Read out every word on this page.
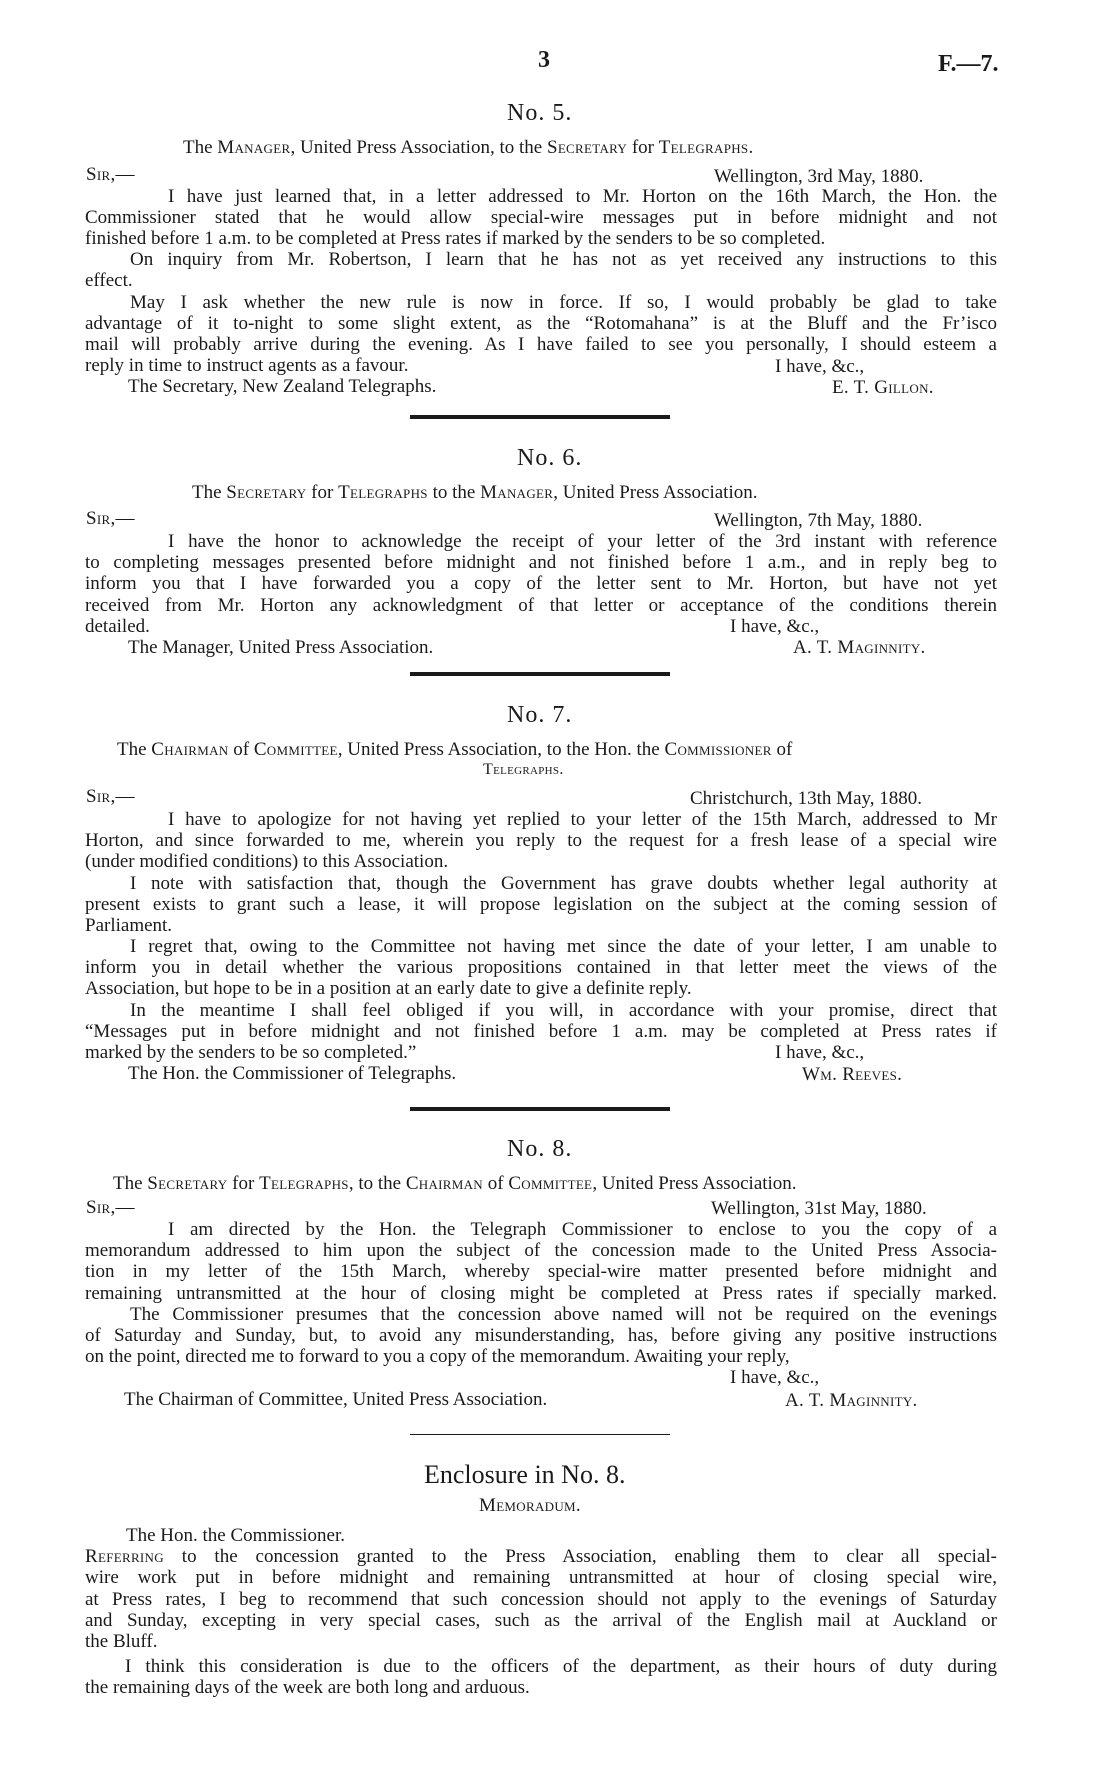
3	F.—7.
No. 5.
The Manager, United Press Association, to the Secretary for Telegraphs.
Sir,—	Wellington, 3rd May, 1880.
I have just learned that, in a letter addressed to Mr. Horton on the 16th March, the Hon. the
Commissioner stated that he would allow special-wire messages put in before midnight and not
finished before 1 a.m. to be completed at Press rates if marked by the senders to be so completed.
On inquiry from Mr. Robertson, I learn that he has not as yet received any instructions to this
effect.
May I ask whether the new rule is now in force. If so, I would probably be glad to take
advantage of it to-night to some slight extent, as the “Rotomahana” is at the Bluff and the Fr’isco
mail will probably arrive during the evening. As I have failed to see you personally, I should esteem a
reply in time to instruct agents as a favour.	I have, &c.,
The Secretary, New Zealand Telegraphs.	E. T. Gillon.
No. 6.
The Secretary for Telegraphs to the Manager, United Press Association.
Sir,—	Wellington, 7th May, 1880.
I have the honor to acknowledge the receipt of your letter of the 3rd instant with reference
to completing messages presented before midnight and not finished before 1 a.m., and in reply beg to
inform you that I have forwarded you a copy of the letter sent to Mr. Horton, but have not yet
received from Mr. Horton any acknowledgment of that letter or acceptance of the conditions therein
detailed.	I have, &c.,
The Manager, United Press Association.	A. T. Maginnity.
No. 7.
The Chairman of Committee, United Press Association, to the Hon. the Commissioner of
Telegraphs.
Sir,—	Christchurch, 13th May, 1880.
I have to apologize for not having yet replied to your letter of the 15th March, addressed to Mr
Horton, and since forwarded to me, wherein you reply to the request for a fresh lease of a special wire
(under modified conditions) to this Association.
I note with satisfaction that, though the Government has grave doubts whether legal authority at
present exists to grant such a lease, it will propose legislation on the subject at the coming session of
Parliament.
I regret that, owing to the Committee not having met since the date of your letter, I am unable to
inform you in detail whether the various propositions contained in that letter meet the views of the
Association, but hope to be in a position at an early date to give a definite reply.
In the meantime I shall feel obliged if you will, in accordance with your promise, direct that
“Messages put in before midnight and not finished before 1 a.m. may be completed at Press rates if
marked by the senders to be so completed.”	I have, &c.,
The Hon. the Commissioner of Telegraphs.	Wm. Reeves.
No. 8.
The Secretary for Telegraphs, to the Chairman of Committee, United Press Association.
Sir,—	Wellington, 31st May, 1880.
I am directed by the Hon. the Telegraph Commissioner to enclose to you the copy of a
memorandum addressed to him upon the subject of the concession made to the United Press Associa-
tion in my letter of the 15th March, whereby special-wire matter presented before midnight and
remaining untransmitted at the hour of closing might be completed at Press rates if specially marked.
The Commissioner presumes that the concession above named will not be required on the evenings
of Saturday and Sunday, but, to avoid any misunderstanding, has, before giving any positive instructions
on the point, directed me to forward to you a copy of the memorandum. Awaiting your reply,
I have, &c.,
The Chairman of Committee, United Press Association.	A. T. Maginnity.
Enclosure in No. 8.
Memoradum.
The Hon. the Commissioner.
Referring to the concession granted to the Press Association, enabling them to clear all special-
wire work put in before midnight and remaining untransmitted at hour of closing special wire,
at Press rates, I beg to recommend that such concession should not apply to the evenings of Saturday
and Sunday, excepting in very special cases, such as the arrival of the English mail at Auckland or
the Bluff.
I think this consideration is due to the officers of the department, as their hours of duty during
the remaining days of the week are both long and arduous.
